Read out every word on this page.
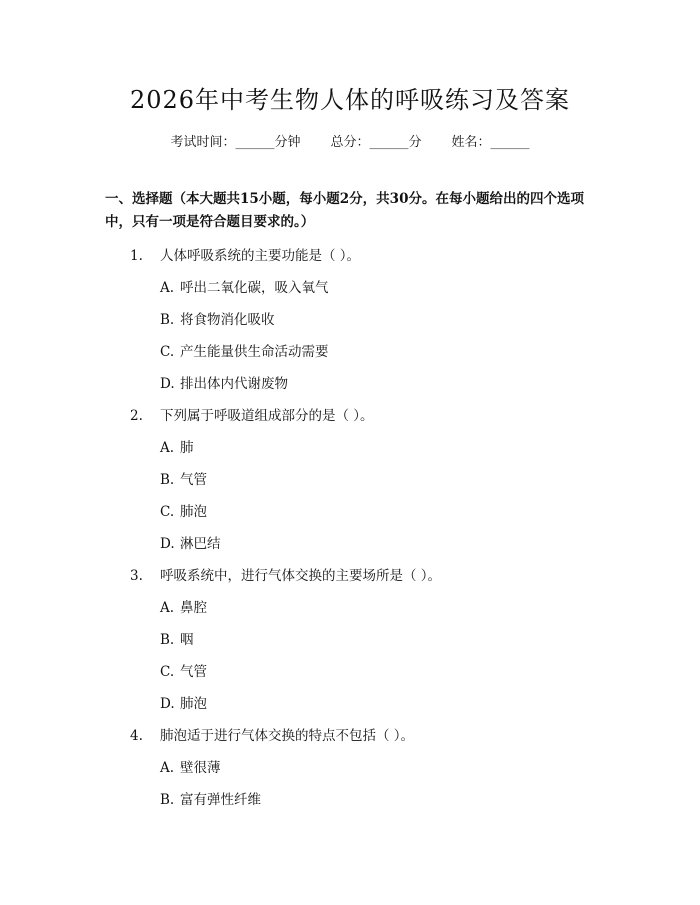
2026年中考生物人体的呼吸练习及答案
考试时间：______分钟 总分：______分 姓名：______
一、选择题（本大题共15小题，每小题2分，共30分。在每小题给出的四个选项中，只有一项是符合题目要求的。）
1. 人体呼吸系统的主要功能是（ ）。
A. 呼出二氧化碳，吸入氧气
B. 将食物消化吸收
C. 产生能量供生命活动需要
D. 排出体内代谢废物
2. 下列属于呼吸道组成部分的是（ ）。
A. 肺
B. 气管
C. 肺泡
D. 淋巴结
3. 呼吸系统中，进行气体交换的主要场所是（ ）。
A. 鼻腔
B. 咽
C. 气管
D. 肺泡
4. 肺泡适于进行气体交换的特点不包括（ ）。
A. 壁很薄
B. 富有弹性纤维
